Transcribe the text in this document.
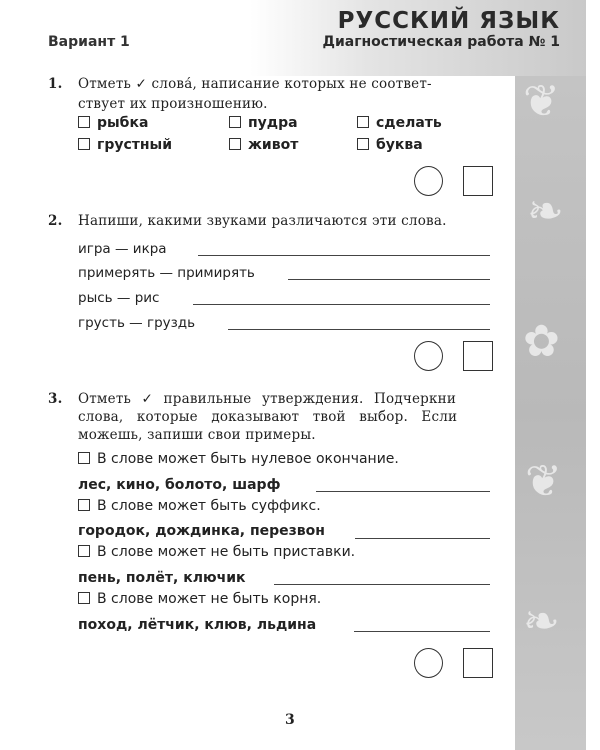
❦
❧
✿
❦
❧
РУССКИЙ ЯЗЫК
Диагностическая работа № 1
Вариант 1
1. Отметь ✓ слова́, написание которых не соответ-
ствует их произношению.
рыбка	пудра	сделать
грустный	живот	буква
2. Напиши, какими звуками различаются эти слова.
игра — икра
примерять — примирять
рысь — рис
грусть — груздь
3. Отметь ✓ правильные утверждения. Подчеркни
слова, которые доказывают твой выбор. Если
можешь, запиши свои примеры.
В слове может быть нулевое окончание.
лес, кино, болото, шарф
В слове может быть суффикс.
городок, дождинка, перезвон
В слове может не быть приставки.
пень, полёт, ключик
В слове может не быть корня.
поход, лётчик, клюв, льдина
3
